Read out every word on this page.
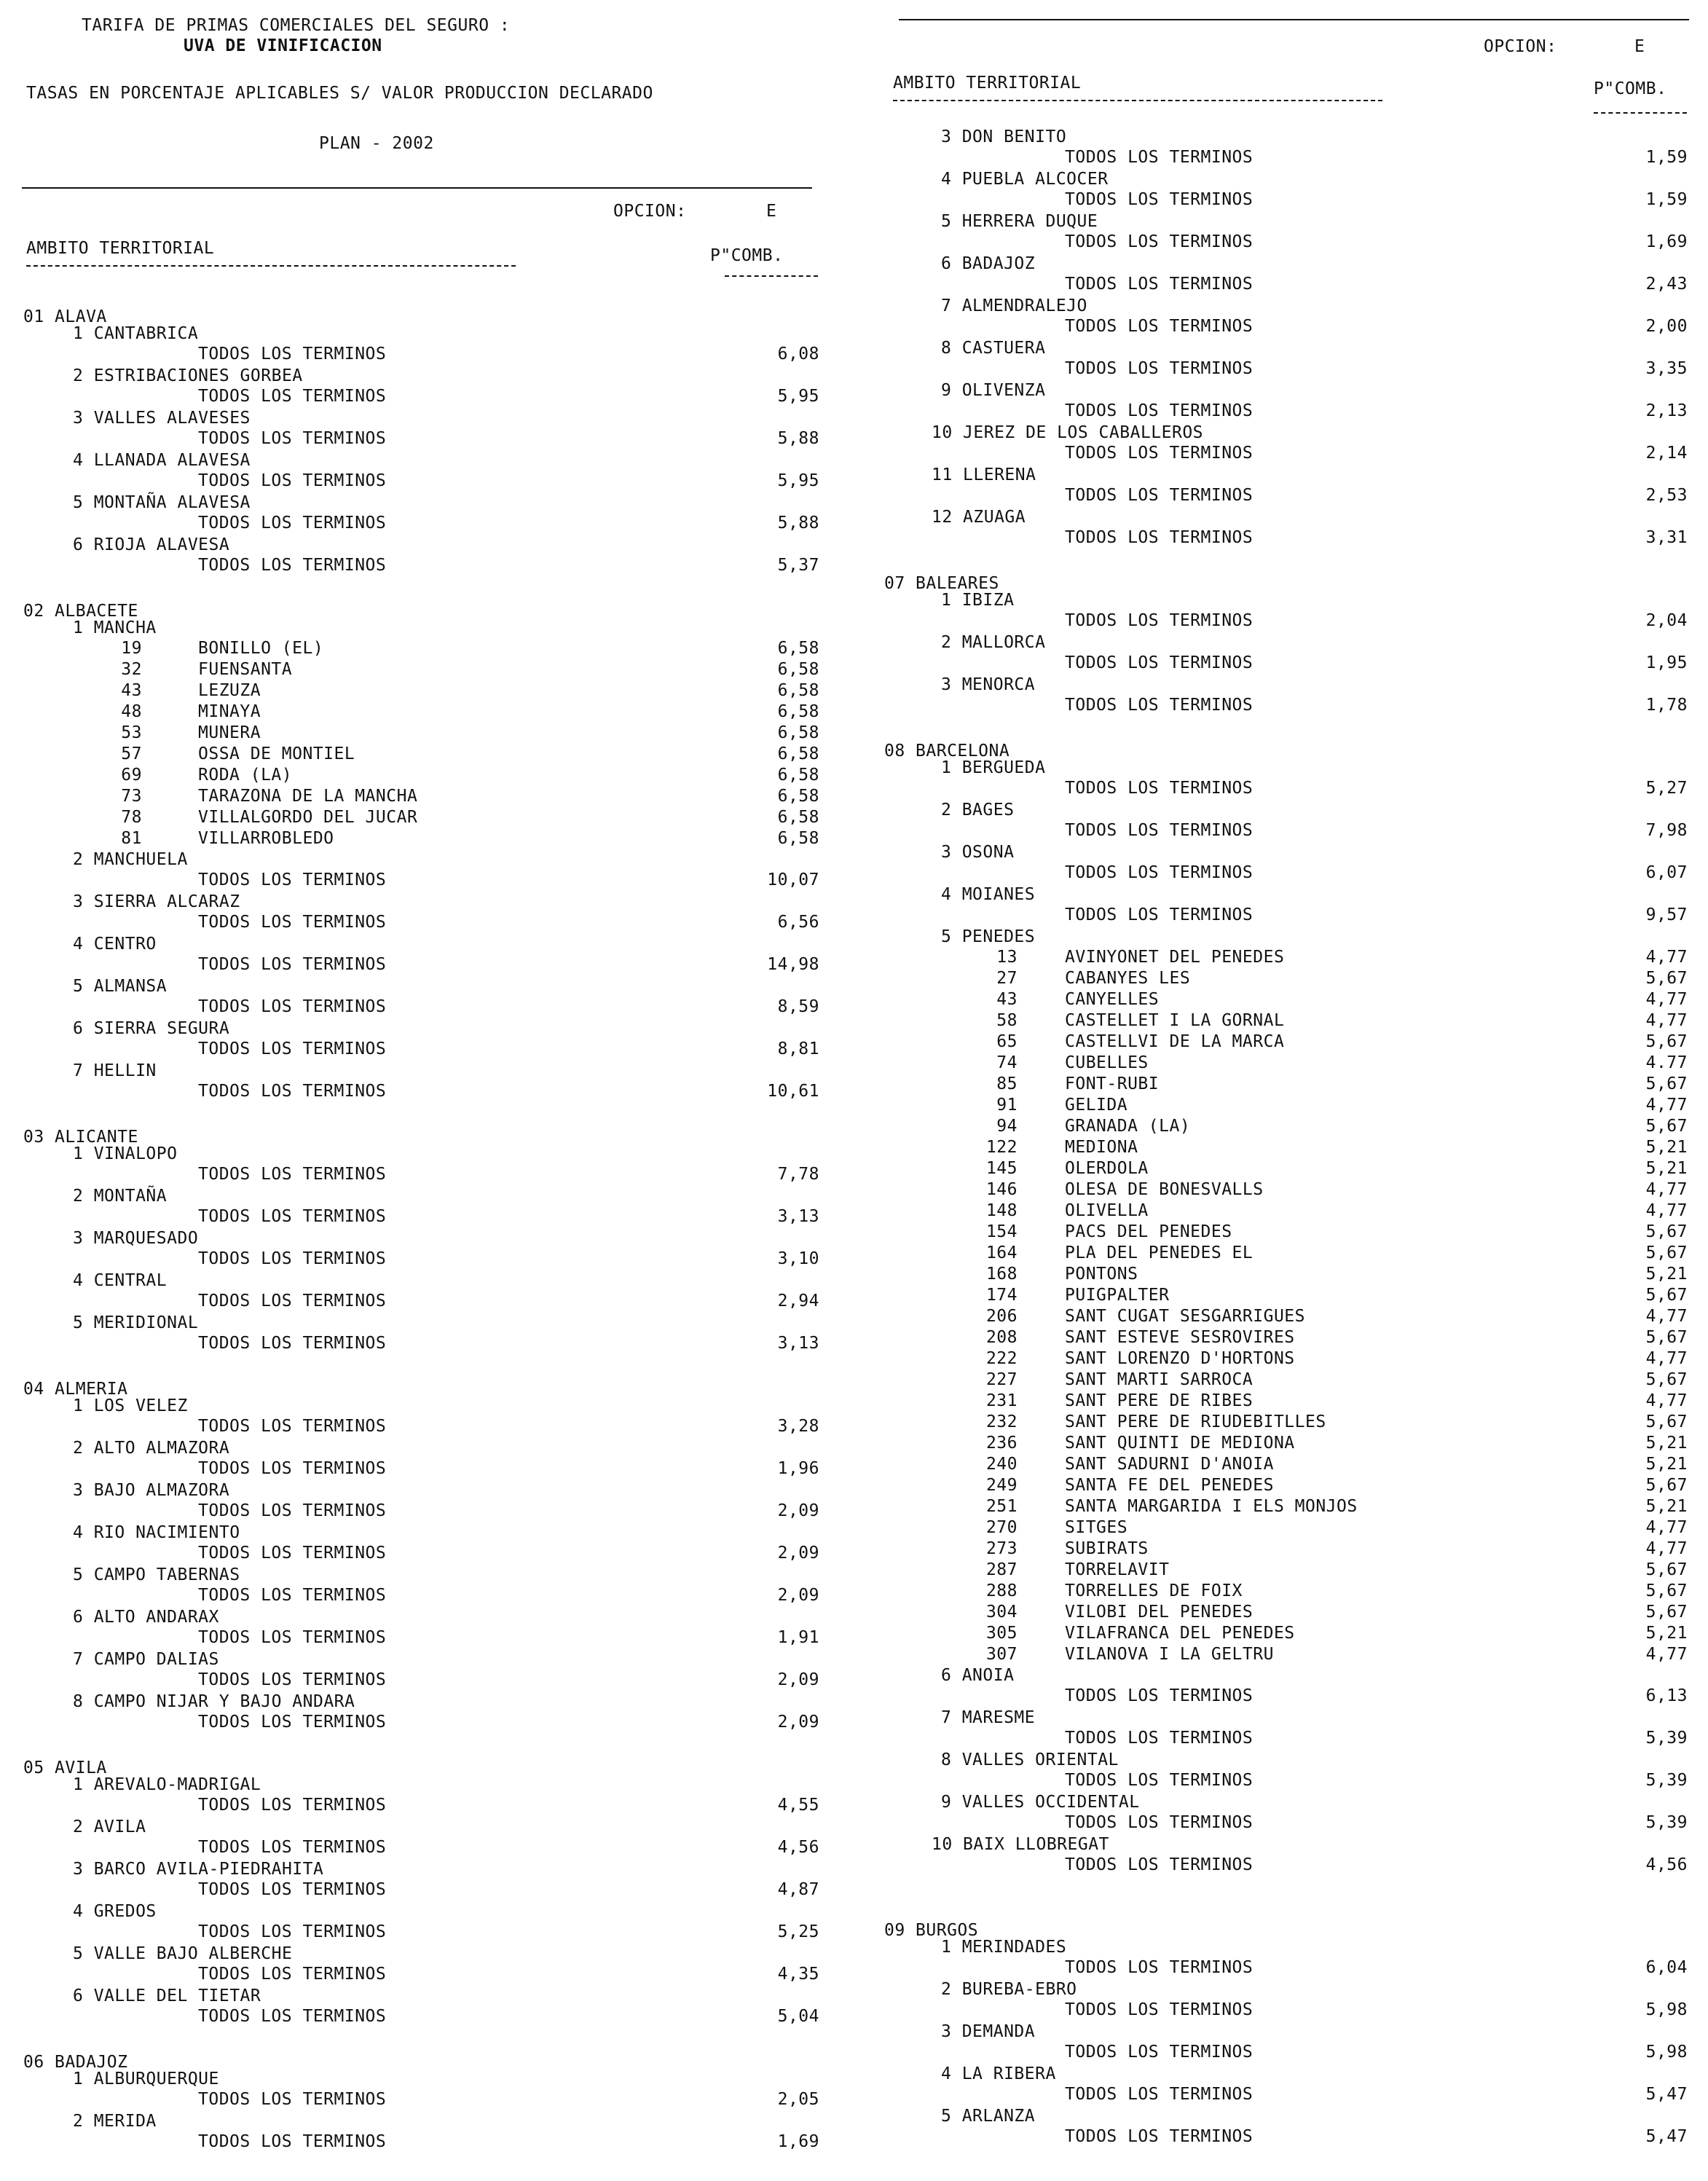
TARIFA DE PRIMAS COMERCIALES DEL SEGURO :
UVA DE VINIFICACION
TASAS EN PORCENTAJE APLICABLES S/ VALOR PRODUCCION DECLARADO
PLAN - 2002
OPCION:	E
AMBITO TERRITORIAL	P"COMB.
OPCION:	E
AMBITO TERRITORIAL	P"COMB.
01 ALAVA
1 CANTABRICA
TODOS LOS TERMINOS	6,08
2 ESTRIBACIONES GORBEA
TODOS LOS TERMINOS	5,95
3 VALLES ALAVESES
TODOS LOS TERMINOS	5,88
4 LLANADA ALAVESA
TODOS LOS TERMINOS	5,95
5 MONTAÑA ALAVESA
TODOS LOS TERMINOS	5,88
6 RIOJA ALAVESA
TODOS LOS TERMINOS	5,37
02 ALBACETE
1 MANCHA
19	BONILLO (EL)	6,58
32	FUENSANTA	6,58
43	LEZUZA	6,58
48	MINAYA	6,58
53	MUNERA	6,58
57	OSSA DE MONTIEL	6,58
69	RODA (LA)	6,58
73	TARAZONA DE LA MANCHA	6,58
78	VILLALGORDO DEL JUCAR	6,58
81	VILLARROBLEDO	6,58
2 MANCHUELA
TODOS LOS TERMINOS	10,07
3 SIERRA ALCARAZ
TODOS LOS TERMINOS	6,56
4 CENTRO
TODOS LOS TERMINOS	14,98
5 ALMANSA
TODOS LOS TERMINOS	8,59
6 SIERRA SEGURA
TODOS LOS TERMINOS	8,81
7 HELLIN
TODOS LOS TERMINOS	10,61
03 ALICANTE
1 VINALOPO
TODOS LOS TERMINOS	7,78
2 MONTAÑA
TODOS LOS TERMINOS	3,13
3 MARQUESADO
TODOS LOS TERMINOS	3,10
4 CENTRAL
TODOS LOS TERMINOS	2,94
5 MERIDIONAL
TODOS LOS TERMINOS	3,13
04 ALMERIA
1 LOS VELEZ
TODOS LOS TERMINOS	3,28
2 ALTO ALMAZORA
TODOS LOS TERMINOS	1,96
3 BAJO ALMAZORA
TODOS LOS TERMINOS	2,09
4 RIO NACIMIENTO
TODOS LOS TERMINOS	2,09
5 CAMPO TABERNAS
TODOS LOS TERMINOS	2,09
6 ALTO ANDARAX
TODOS LOS TERMINOS	1,91
7 CAMPO DALIAS
TODOS LOS TERMINOS	2,09
8 CAMPO NIJAR Y BAJO ANDARA
TODOS LOS TERMINOS	2,09
05 AVILA
1 AREVALO-MADRIGAL
TODOS LOS TERMINOS	4,55
2 AVILA
TODOS LOS TERMINOS	4,56
3 BARCO AVILA-PIEDRAHITA
TODOS LOS TERMINOS	4,87
4 GREDOS
TODOS LOS TERMINOS	5,25
5 VALLE BAJO ALBERCHE
TODOS LOS TERMINOS	4,35
6 VALLE DEL TIETAR
TODOS LOS TERMINOS	5,04
06 BADAJOZ
1 ALBURQUERQUE
TODOS LOS TERMINOS	2,05
2 MERIDA
TODOS LOS TERMINOS	1,69
3 DON BENITO
TODOS LOS TERMINOS	1,59
4 PUEBLA ALCOCER
TODOS LOS TERMINOS	1,59
5 HERRERA DUQUE
TODOS LOS TERMINOS	1,69
6 BADAJOZ
TODOS LOS TERMINOS	2,43
7 ALMENDRALEJO
TODOS LOS TERMINOS	2,00
8 CASTUERA
TODOS LOS TERMINOS	3,35
9 OLIVENZA
TODOS LOS TERMINOS	2,13
10 JEREZ DE LOS CABALLEROS
TODOS LOS TERMINOS	2,14
11 LLERENA
TODOS LOS TERMINOS	2,53
12 AZUAGA
TODOS LOS TERMINOS	3,31
07 BALEARES
1 IBIZA
TODOS LOS TERMINOS	2,04
2 MALLORCA
TODOS LOS TERMINOS	1,95
3 MENORCA
TODOS LOS TERMINOS	1,78
08 BARCELONA
1 BERGUEDA
TODOS LOS TERMINOS	5,27
2 BAGES
TODOS LOS TERMINOS	7,98
3 OSONA
TODOS LOS TERMINOS	6,07
4 MOIANES
TODOS LOS TERMINOS	9,57
5 PENEDES
13	AVINYONET DEL PENEDES	4,77
27	CABANYES LES	5,67
43	CANYELLES	4,77
58	CASTELLET I LA GORNAL	4,77
65	CASTELLVI DE LA MARCA	5,67
74	CUBELLES	4.77
85	FONT-RUBI	5,67
91	GELIDA	4,77
94	GRANADA (LA)	5,67
122	MEDIONA	5,21
145	OLERDOLA	5,21
146	OLESA DE BONESVALLS	4,77
148	OLIVELLA	4,77
154	PACS DEL PENEDES	5,67
164	PLA DEL PENEDES EL	5,67
168	PONTONS	5,21
174	PUIGPALTER	5,67
206	SANT CUGAT SESGARRIGUES	4,77
208	SANT ESTEVE SESROVIRES	5,67
222	SANT LORENZO D'HORTONS	4,77
227	SANT MARTI SARROCA	5,67
231	SANT PERE DE RIBES	4,77
232	SANT PERE DE RIUDEBITLLES	5,67
236	SANT QUINTI DE MEDIONA	5,21
240	SANT SADURNI D'ANOIA	5,21
249	SANTA FE DEL PENEDES	5,67
251	SANTA MARGARIDA I ELS MONJOS	5,21
270	SITGES	4,77
273	SUBIRATS	4,77
287	TORRELAVIT	5,67
288	TORRELLES DE FOIX	5,67
304	VILOBI DEL PENEDES	5,67
305	VILAFRANCA DEL PENEDES	5,21
307	VILANOVA I LA GELTRU	4,77
6 ANOIA
TODOS LOS TERMINOS	6,13
7 MARESME
TODOS LOS TERMINOS	5,39
8 VALLES ORIENTAL
TODOS LOS TERMINOS	5,39
9 VALLES OCCIDENTAL
TODOS LOS TERMINOS	5,39
10 BAIX LLOBREGAT
TODOS LOS TERMINOS	4,56
09 BURGOS
1 MERINDADES
TODOS LOS TERMINOS	6,04
2 BUREBA-EBRO
TODOS LOS TERMINOS	5,98
3 DEMANDA
TODOS LOS TERMINOS	5,98
4 LA RIBERA
TODOS LOS TERMINOS	5,47
5 ARLANZA
TODOS LOS TERMINOS	5,47
